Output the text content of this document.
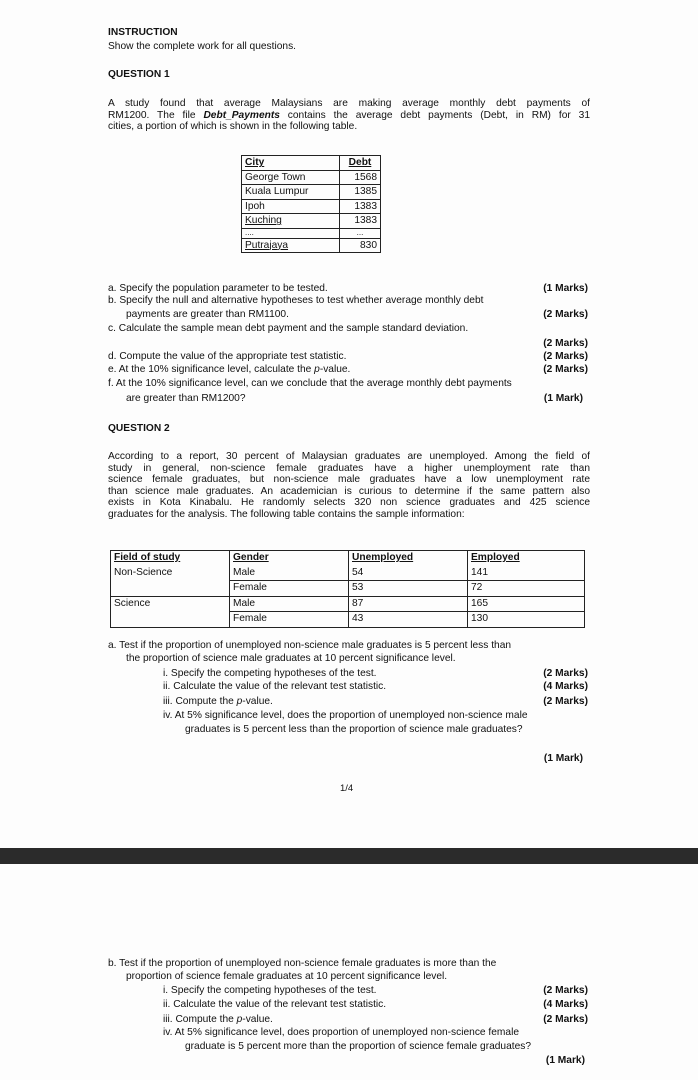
INSTRUCTION
Show the complete work for all questions.
QUESTION 1
A study found that average Malaysians are making average monthly debt payments of
RM1200. The file Debt_Payments contains the average debt payments (Debt, in RM) for 31
cities, a portion of which is shown in the following table.
City	Debt
George Town	1568
Kuala Lumpur	1385
Ipoh	1383
Kuching	1383
....	...
Putrajaya	830
a. Specify the population parameter to be tested.	(1 Marks)
b. Specify the null and alternative hypotheses to test whether average monthly debt
payments are greater than RM1100.	(2 Marks)
c. Calculate the sample mean debt payment and the sample standard deviation.
(2 Marks)
d. Compute the value of the appropriate test statistic.	(2 Marks)
e. At the 10% significance level, calculate the p-value.	(2 Marks)
f. At the 10% significance level, can we conclude that the average monthly debt payments
are greater than RM1200?	(1 Mark)
QUESTION 2
According to a report, 30 percent of Malaysian graduates are unemployed. Among the field of
study in general, non-science female graduates have a higher unemployment rate than
science female graduates, but non-science male graduates have a low unemployment rate
than science male graduates. An academician is curious to determine if the same pattern also
exists in Kota Kinabalu. He randomly selects 320 non science graduates and 425 science
graduates for the analysis. The following table contains the sample information:
Field of study	Gender	Unemployed	Employed
Non-Science	Male	54	141
	Female	53	72
Science	Male	87	165
	Female	43	130
a. Test if the proportion of unemployed non-science male graduates is 5 percent less than
the proportion of science male graduates at 10 percent significance level.
i. Specify the competing hypotheses of the test.	(2 Marks)
ii. Calculate the value of the relevant test statistic.	(4 Marks)
iii. Compute the p-value.	(2 Marks)
iv. At 5% significance level, does the proportion of unemployed non-science male
graduates is 5 percent less than the proportion of science male graduates?
(1 Mark)
1/4
b. Test if the proportion of unemployed non-science female graduates is more than the
proportion of science female graduates at 10 percent significance level.
i. Specify the competing hypotheses of the test.	(2 Marks)
ii. Calculate the value of the relevant test statistic.	(4 Marks)
iii. Compute the p-value.	(2 Marks)
iv. At 5% significance level, does proportion of unemployed non-science female
graduate is 5 percent more than the proportion of science female graduates?
(1 Mark)
